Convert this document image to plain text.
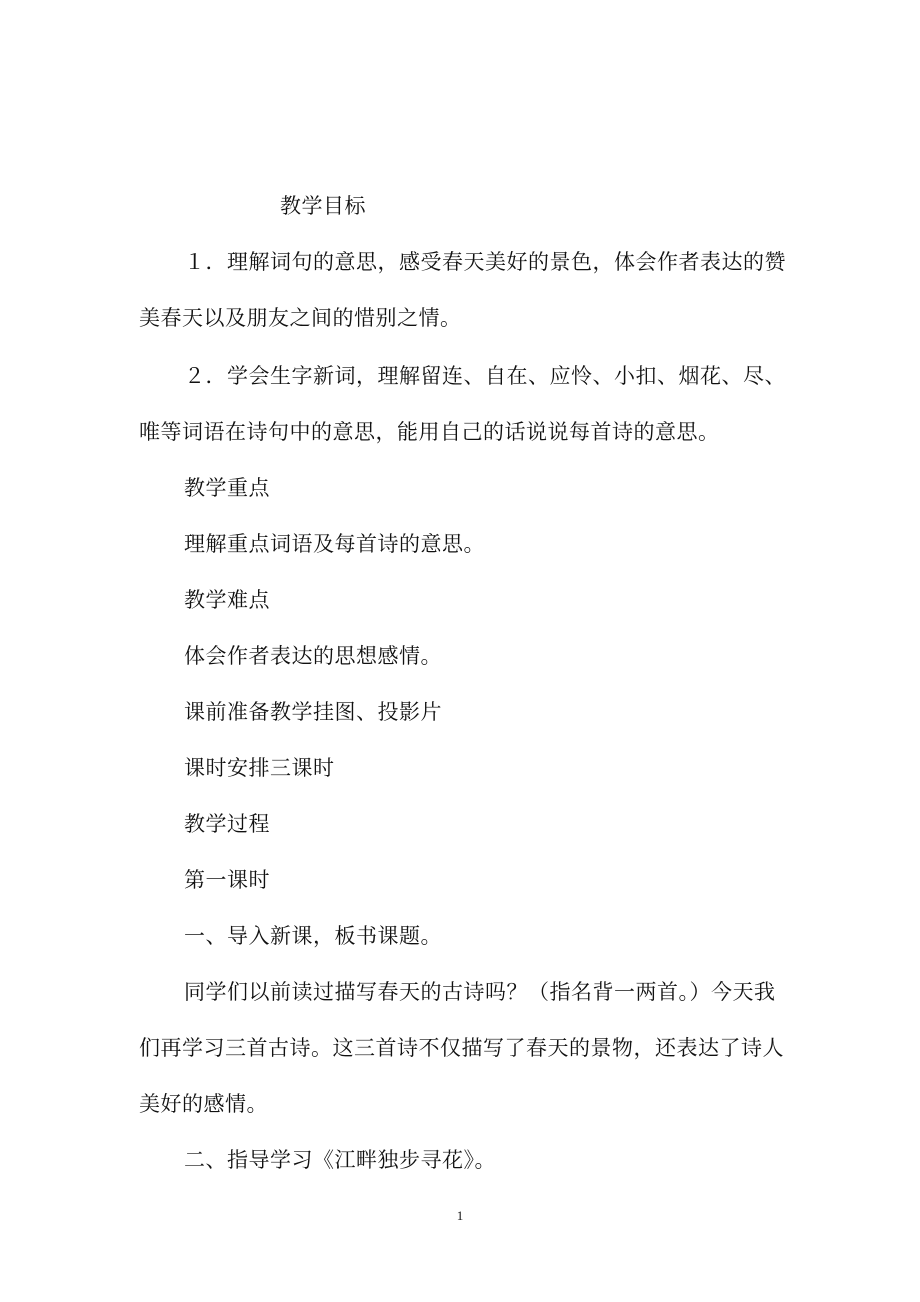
教学目标
１．理解词句的意思，感受春天美好的景色，体会作者表达的赞
美春天以及朋友之间的惜别之情。
２．学会生字新词，理解留连、自在、应怜、小扣、烟花、尽、
唯等词语在诗句中的意思，能用自己的话说说每首诗的意思。
教学重点
理解重点词语及每首诗的意思。
教学难点
体会作者表达的思想感情。
课前准备教学挂图、投影片
课时安排三课时
教学过程
第一课时
一、导入新课，板书课题。
同学们以前读过描写春天的古诗吗？（指名背一两首。）今天我
们再学习三首古诗。这三首诗不仅描写了春天的景物，还表达了诗人
美好的感情。
二、指导学习《江畔独步寻花》。
1
